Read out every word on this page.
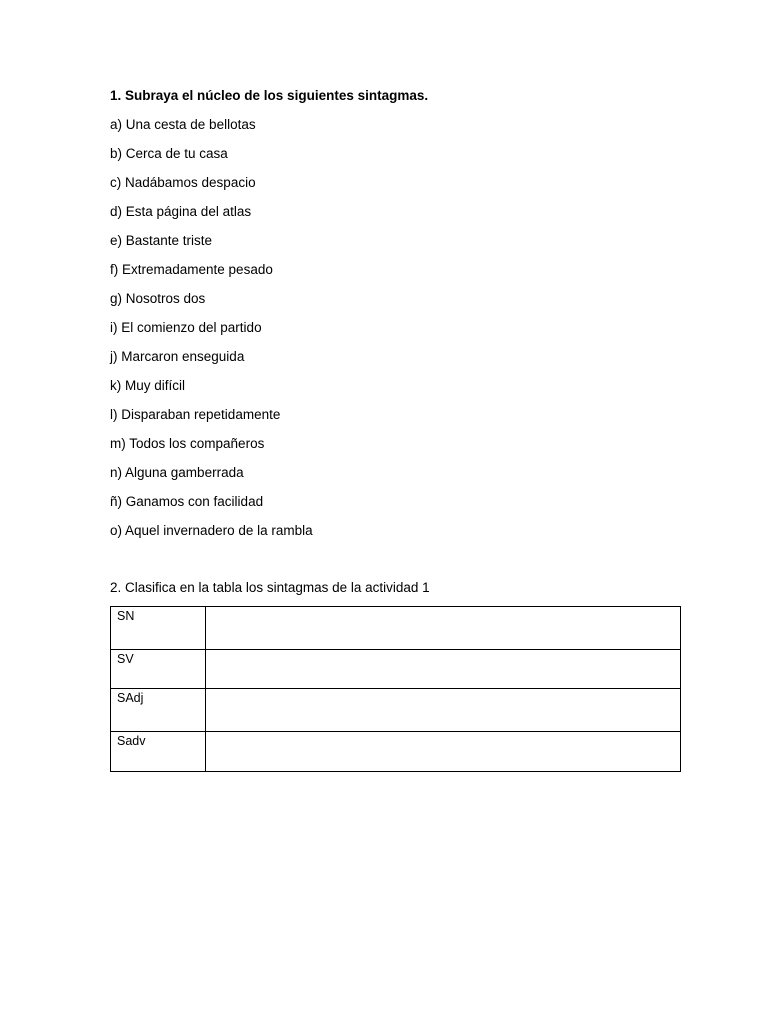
1. Subraya el núcleo de los siguientes sintagmas.

a) Una cesta de bellotas
b) Cerca de tu casa
c) Nadábamos despacio
d) Esta página del atlas
e) Bastante triste
f) Extremadamente pesado
g) Nosotros dos
i) El comienzo del partido
j) Marcaron enseguida
k) Muy difícil
l) Disparaban repetidamente
m) Todos los compañeros
n) Alguna gamberrada
ñ) Ganamos con facilidad
o) Aquel invernadero de la rambla

2. Clasifica en la tabla los sintagmas de la actividad 1

SN	
SV	
SAdj	
Sadv	
